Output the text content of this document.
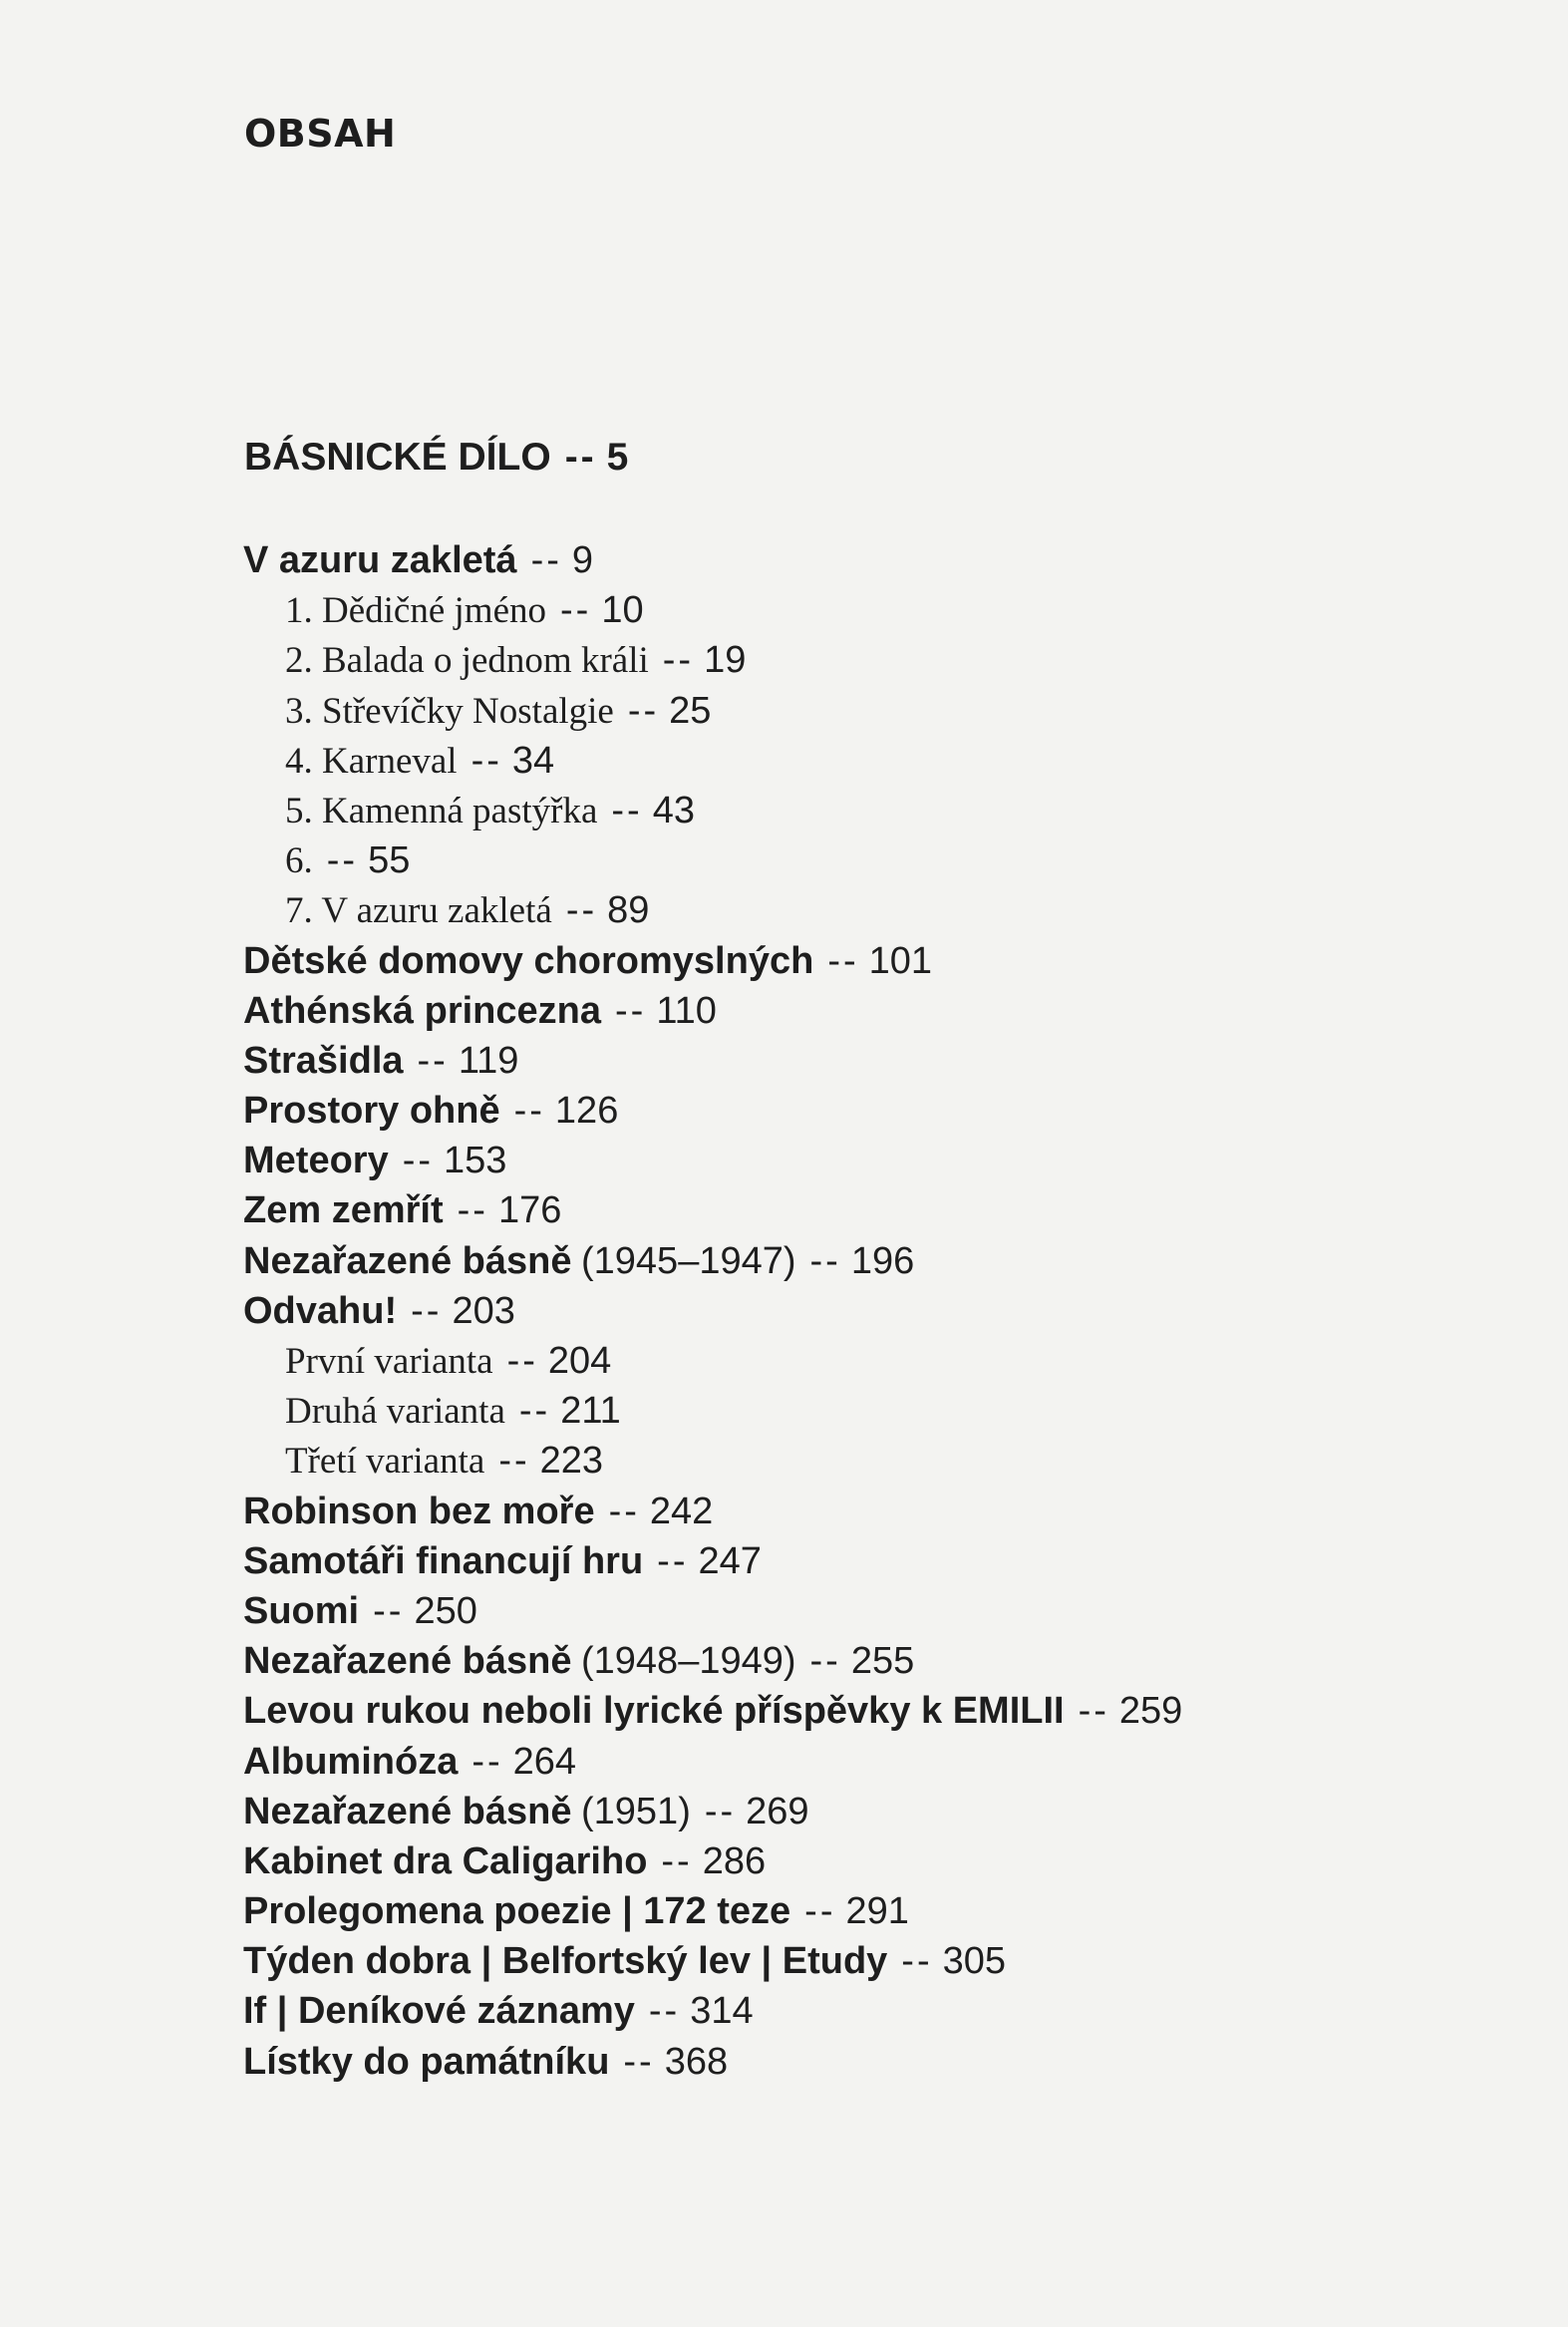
OBSAH
BÁSNICKÉ DÍLO -- 5
V azuru zakletá -- 9
1. Dědičné jméno -- 10
2. Balada o jednom králi -- 19
3. Střevíčky Nostalgie -- 25
4. Karneval -- 34
5. Kamenná pastýřka -- 43
6. -- 55
7. V azuru zakletá -- 89
Dětské domovy choromyslných -- 101
Athénská princezna -- 110
Strašidla -- 119
Prostory ohně -- 126
Meteory -- 153
Zem zemřít -- 176
Nezařazené básně (1945–1947) -- 196
Odvahu! -- 203
První varianta -- 204
Druhá varianta -- 211
Třetí varianta -- 223
Robinson bez moře -- 242
Samotáři financují hru -- 247
Suomi -- 250
Nezařazené básně (1948–1949) -- 255
Levou rukou neboli lyrické příspěvky k EMILII -- 259
Albuminóza -- 264
Nezařazené básně (1951) -- 269
Kabinet dra Caligariho -- 286
Prolegomena poezie | 172 teze -- 291
Týden dobra | Belfortský lev | Etudy -- 305
If | Deníkové záznamy -- 314
Lístky do památníku -- 368
